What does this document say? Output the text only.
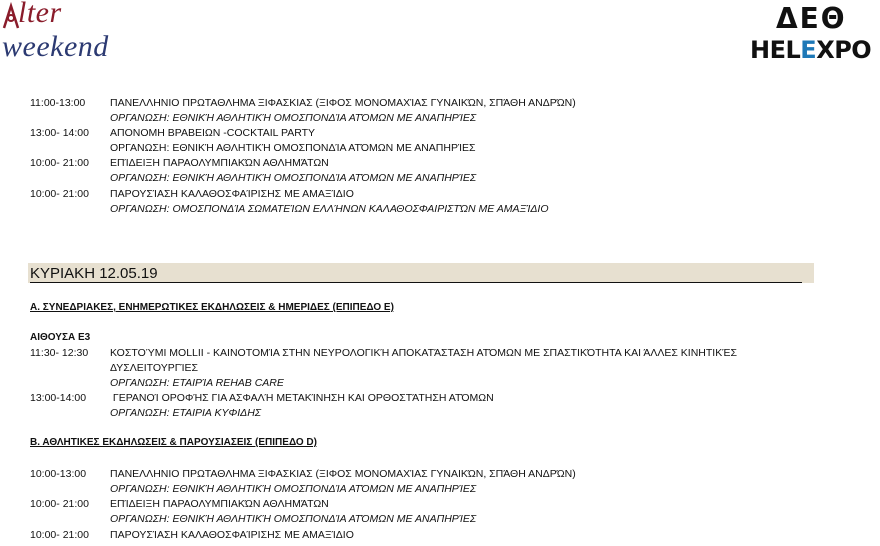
lter
weekend
ΔΕΘ
HELEXPO
11:00-13:00 ΠΑΝΕΛΛΗΝΙΟ ΠΡΩΤΑΘΛΗΜΑ ΞΙΦΑΣΚΙΑΣ (ΞΙΦΟΣ ΜΟΝΟΜΑΧΊΑΣ ΓΥΝΑΙΚΏΝ, ΣΠΆΘΗ ΑΝΔΡΏΝ)
ΟΡΓΑΝΩΣΗ: ΕΘΝΙΚΉ ΑΘΛΗΤΙΚΉ ΟΜΟΣΠΟΝΔΊΑ ΑΤΌΜΩΝ ΜΕ ΑΝΑΠΗΡΊΕΣ
13:00- 14:00 ΑΠΟΝΟΜΗ ΒΡΑΒΕΙΩΝ -COCKTAIL PARTY
ΟΡΓΑΝΩΣΗ: ΕΘΝΙΚΉ ΑΘΛΗΤΙΚΉ ΟΜΟΣΠΟΝΔΊΑ ΑΤΌΜΩΝ ΜΕ ΑΝΑΠΗΡΊΕΣ
10:00- 21:00 ΕΠΊΔΕΙΞΗ ΠΑΡΑΟΛΥΜΠΙΑΚΏΝ ΑΘΛΗΜΆΤΩΝ
ΟΡΓΑΝΩΣΗ: ΕΘΝΙΚΉ ΑΘΛΗΤΙΚΉ ΟΜΟΣΠΟΝΔΊΑ ΑΤΌΜΩΝ ΜΕ ΑΝΑΠΗΡΊΕΣ
10:00- 21:00 ΠΑΡΟΥΣΊΑΣΗ ΚΑΛΑΘΟΣΦΑΊΡΙΣΗΣ ΜΕ ΑΜΑΞΊΔΙΟ
ΟΡΓΑΝΩΣΗ: ΟΜΟΣΠΟΝΔΊΑ ΣΩΜΑΤΕΊΩΝ ΕΛΛΉΝΩΝ ΚΑΛΑΘΟΣΦΑΙΡΙΣΤΏΝ ΜΕ ΑΜΑΞΊΔΙΟ
ΚΥΡΙΑΚΗ 12.05.19
Α. ΣΥΝΕΔΡΙΑΚΕΣ, ΕΝΗΜΕΡΩΤΙΚΕΣ ΕΚΔΗΛΩΣΕΙΣ & ΗΜΕΡΙΔΕΣ (ΕΠΙΠΕΔΟ Ε)
ΑΙΘΟΥΣΑ Ε3
11:30- 12:30 ΚΟΣΤΟΎΜΙ MOLLII - ΚΑΙΝΟΤΟΜΊΑ ΣΤΗΝ ΝΕΥΡΟΛΟΓΙΚΉ ΑΠΟΚΑΤΆΣΤΑΣΗ ΑΤΌΜΩΝ ΜΕ ΣΠΑΣΤΙΚΌΤΗΤΑ ΚΑΙ ΆΛΛΕΣ ΚΙΝΗΤΙΚΈΣ
ΔΥΣΛΕΙΤΟΥΡΓΊΕΣ
ΟΡΓΑΝΩΣΗ: ΕΤΑΙΡΊΑ REHAB CARE
13:00-14:00 ΓΕΡΑΝΟΊ ΟΡΟΦΉΣ ΓΙΑ ΑΣΦΑΛΉ ΜΕΤΑΚΊΝΗΣΗ ΚΑΙ ΟΡΘΟΣΤΆΤΗΣΗ ΑΤΌΜΩΝ
ΟΡΓΑΝΩΣΗ: ΕΤΑΙΡΙΑ ΚΥΦΙΔΗΣ
Β. ΑΘΛΗΤΙΚΕΣ ΕΚΔΗΛΩΣΕΙΣ & ΠΑΡΟΥΣΙΑΣΕΙΣ (ΕΠΙΠΕΔΟ D)
10:00-13:00 ΠΑΝΕΛΛΗΝΙΟ ΠΡΩΤΑΘΛΗΜΑ ΞΙΦΑΣΚΙΑΣ (ΞΙΦΟΣ ΜΟΝΟΜΑΧΊΑΣ ΓΥΝΑΙΚΏΝ, ΣΠΆΘΗ ΑΝΔΡΏΝ)
ΟΡΓΑΝΩΣΗ: ΕΘΝΙΚΉ ΑΘΛΗΤΙΚΉ ΟΜΟΣΠΟΝΔΊΑ ΑΤΌΜΩΝ ΜΕ ΑΝΑΠΗΡΊΕΣ
10:00- 21:00 ΕΠΊΔΕΙΞΗ ΠΑΡΑΟΛΥΜΠΙΑΚΏΝ ΑΘΛΗΜΆΤΩΝ
ΟΡΓΑΝΩΣΗ: ΕΘΝΙΚΉ ΑΘΛΗΤΙΚΉ ΟΜΟΣΠΟΝΔΊΑ ΑΤΌΜΩΝ ΜΕ ΑΝΑΠΗΡΊΕΣ
10:00- 21:00 ΠΑΡΟΥΣΊΑΣΗ ΚΑΛΑΘΟΣΦΑΊΡΙΣΗΣ ΜΕ ΑΜΑΞΊΔΙΟ
